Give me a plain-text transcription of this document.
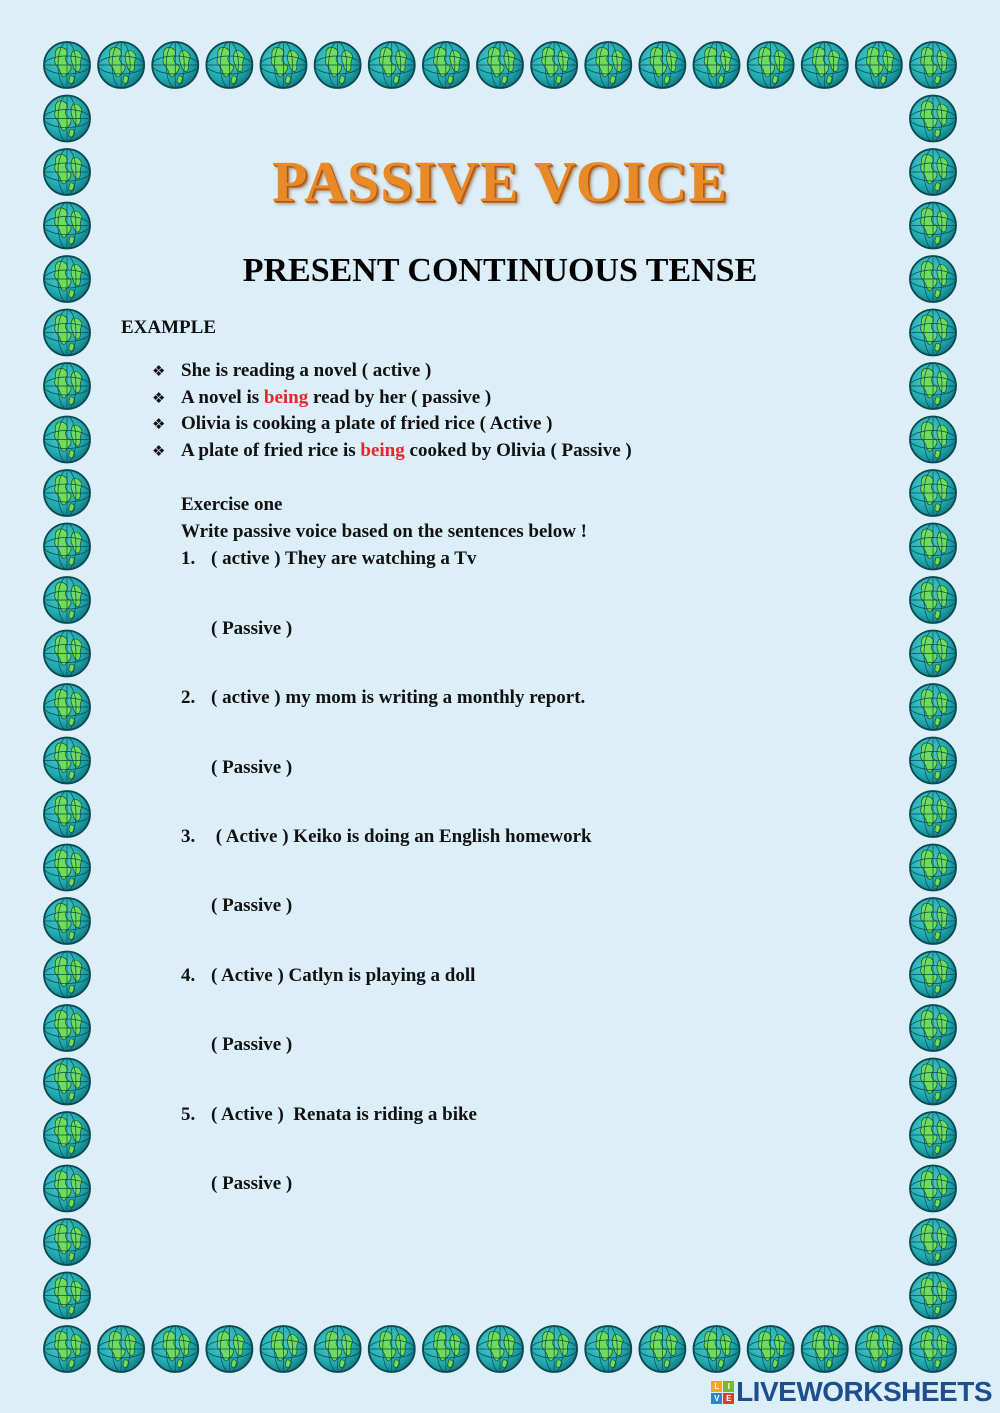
PASSIVE VOICE
PRESENT CONTINUOUS TENSE
EXAMPLE
❖ She is reading a novel ( active )
❖ A novel is being read by her ( passive )
❖ Olivia is cooking a plate of fried rice ( Active )
❖ A plate of fried rice is being cooked by Olivia ( Passive )
Exercise one
Write passive voice based on the sentences below !
1. ( active ) They are watching a Tv
( Passive )
2. ( active ) my mom is writing a monthly report.
( Passive )
3. ( Active ) Keiko is doing an English homework
( Passive )
4. ( Active ) Catlyn is playing a doll
( Passive )
5. ( Active )  Renata is riding a bike
( Passive )
L	I
V E LIVEWORKSHEETS
